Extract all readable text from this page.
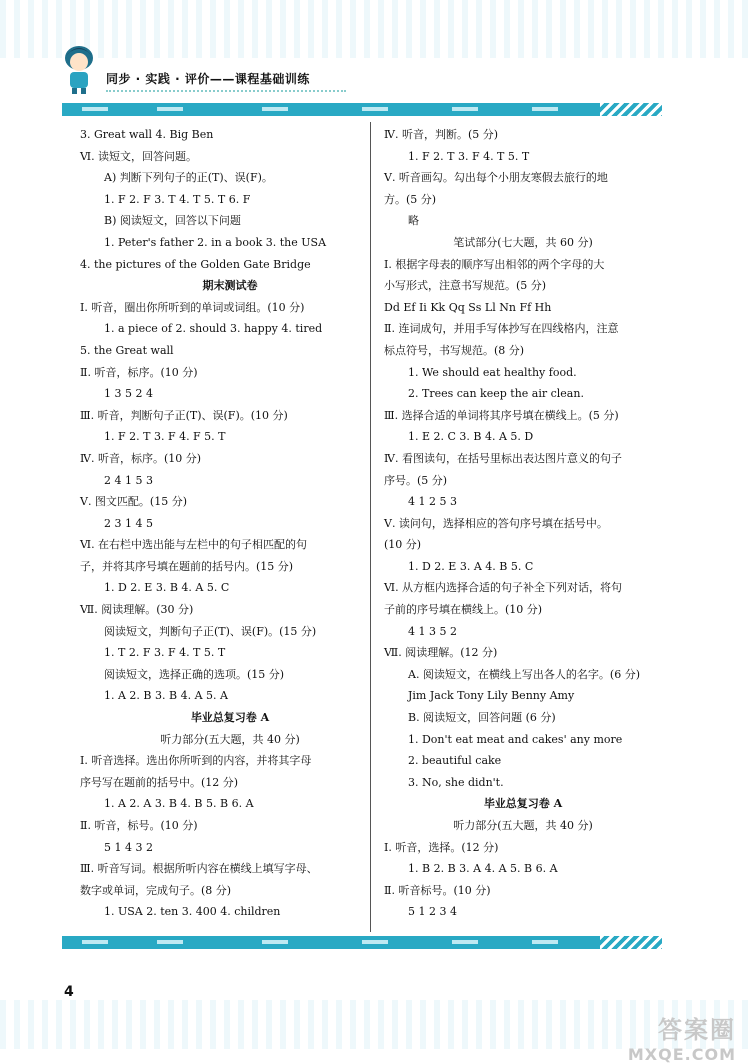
同步 · 实践 · 评价——课程基础训练
3. Great wall 4. Big Ben
Ⅵ. 读短文，回答问题。
A) 判断下列句子的正(T)、误(F)。
1. F 2. F 3. T 4. T 5. T 6. F
B) 阅读短文，回答以下问题
1. Peter's father 2. in a book 3. the USA
4. the pictures of the Golden Gate Bridge
期末测试卷
Ⅰ. 听音，圈出你所听到的单词或词组。(10 分)
1. a piece of 2. should 3. happy 4. tired
5. the Great wall
Ⅱ. 听音，标序。(10 分)
1 3 5 2 4
Ⅲ. 听音，判断句子正(T)、误(F)。(10 分)
1. F 2. T 3. F 4. F 5. T
Ⅳ. 听音，标序。(10 分)
2 4 1 5 3
Ⅴ. 图文匹配。(15 分)
2 3 1 4 5
Ⅵ. 在右栏中选出能与左栏中的句子相匹配的句
子，并将其序号填在题前的括号内。(15 分)
1. D 2. E 3. B 4. A 5. C
Ⅶ. 阅读理解。(30 分)
阅读短文，判断句子正(T)、误(F)。(15 分)
1. T 2. F 3. F 4. T 5. T
阅读短文，选择正确的选项。(15 分)
1. A 2. B 3. B 4. A 5. A
毕业总复习卷 A
听力部分(五大题，共 40 分)
Ⅰ. 听音选择。选出你所听到的内容，并将其字母
序号写在题前的括号中。(12 分)
1. A 2. A 3. B 4. B 5. B 6. A
Ⅱ. 听音，标号。(10 分)
5 1 4 3 2
Ⅲ. 听音写词。根据所听内容在横线上填写字母、
数字或单词，完成句子。(8 分)
1. USA 2. ten 3. 400 4. children
Ⅳ. 听音，判断。(5 分)
1. F 2. T 3. F 4. T 5. T
Ⅴ. 听音画勾。勾出每个小朋友寒假去旅行的地
方。(5 分)
略
笔试部分(七大题，共 60 分)
Ⅰ. 根据字母表的顺序写出相邻的两个字母的大
小写形式，注意书写规范。(5 分)
Dd Ef Ii Kk Qq Ss Ll Nn Ff Hh
Ⅱ. 连词成句，并用手写体抄写在四线格内，注意
标点符号，书写规范。(8 分)
1. We should eat healthy food.
2. Trees can keep the air clean.
Ⅲ. 选择合适的单词将其序号填在横线上。(5 分)
1. E 2. C 3. B 4. A 5. D
Ⅳ. 看图读句，在括号里标出表达图片意义的句子
序号。(5 分)
4 1 2 5 3
Ⅴ. 读问句，选择相应的答句序号填在括号中。
(10 分)
1. D 2. E 3. A 4. B 5. C
Ⅵ. 从方框内选择合适的句子补全下列对话，将句
子前的序号填在横线上。(10 分)
4 1 3 5 2
Ⅶ. 阅读理解。(12 分)
A. 阅读短文，在横线上写出各人的名字。(6 分)
Jim Jack Tony Lily Benny Amy
B. 阅读短文，回答问题 (6 分)
1. Don't eat meat and cakes' any more
2. beautiful cake
3. No, she didn't.
毕业总复习卷 A
听力部分(五大题，共 40 分)
Ⅰ. 听音，选择。(12 分)
1. B 2. B 3. A 4. A 5. B 6. A
Ⅱ. 听音标号。(10 分)
5 1 2 3 4
4
答案圈
MXQE.COM
